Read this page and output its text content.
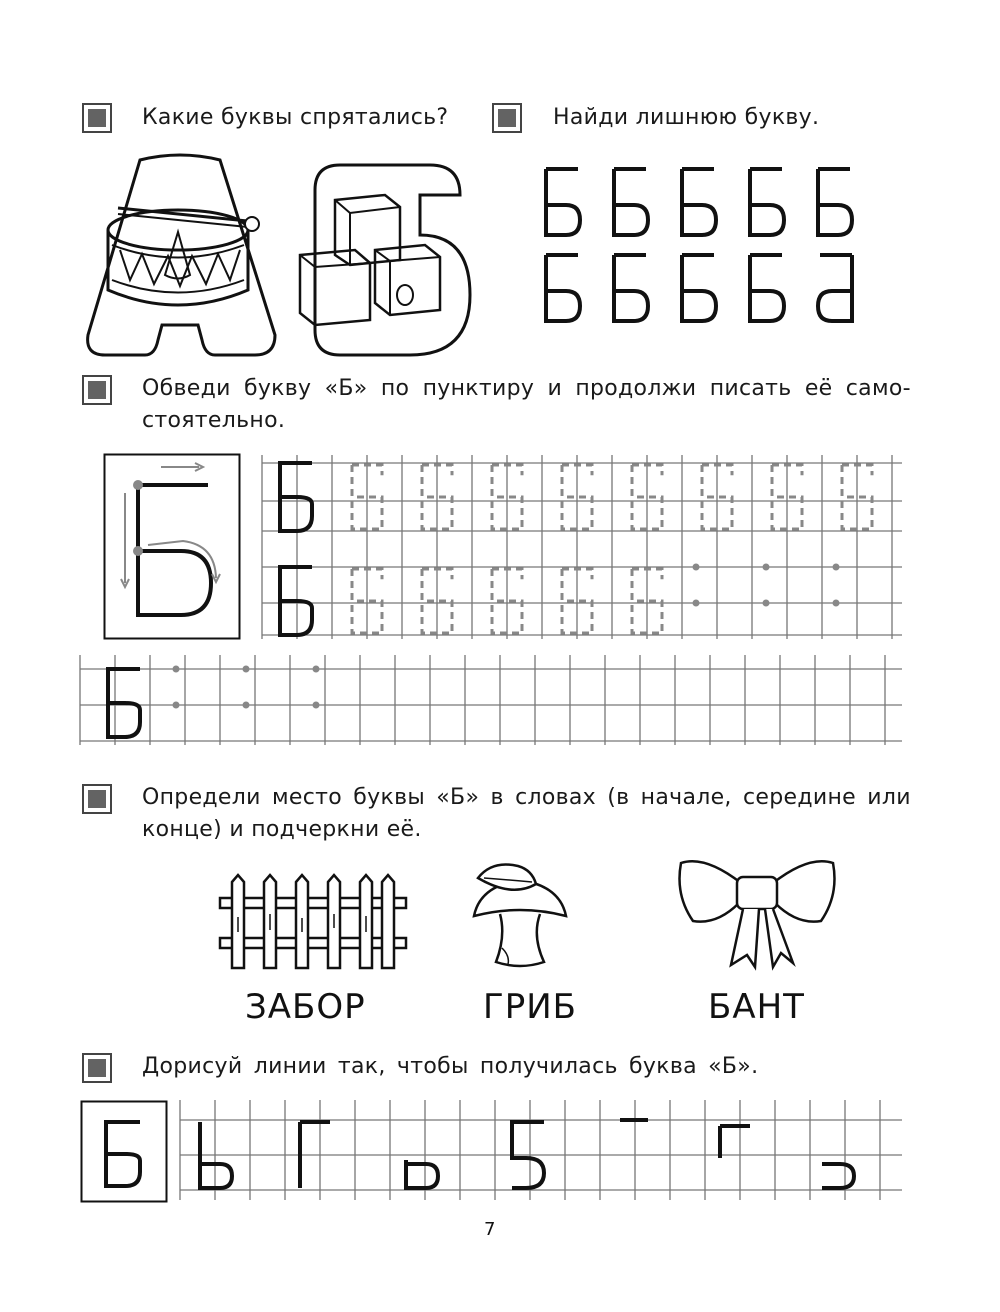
Какие буквы спрятались?	Найди лишнюю букву.
Обведи букву «Б» по пунктиру и продолжи писать её само-
стоятельно.
Определи место буквы «Б» в словах (в начале, середине или
конце) и подчеркни её.
ЗАБОР	ГРИБ	БАНТ
Дорисуй линии так, чтобы получилась буква «Б».
7
